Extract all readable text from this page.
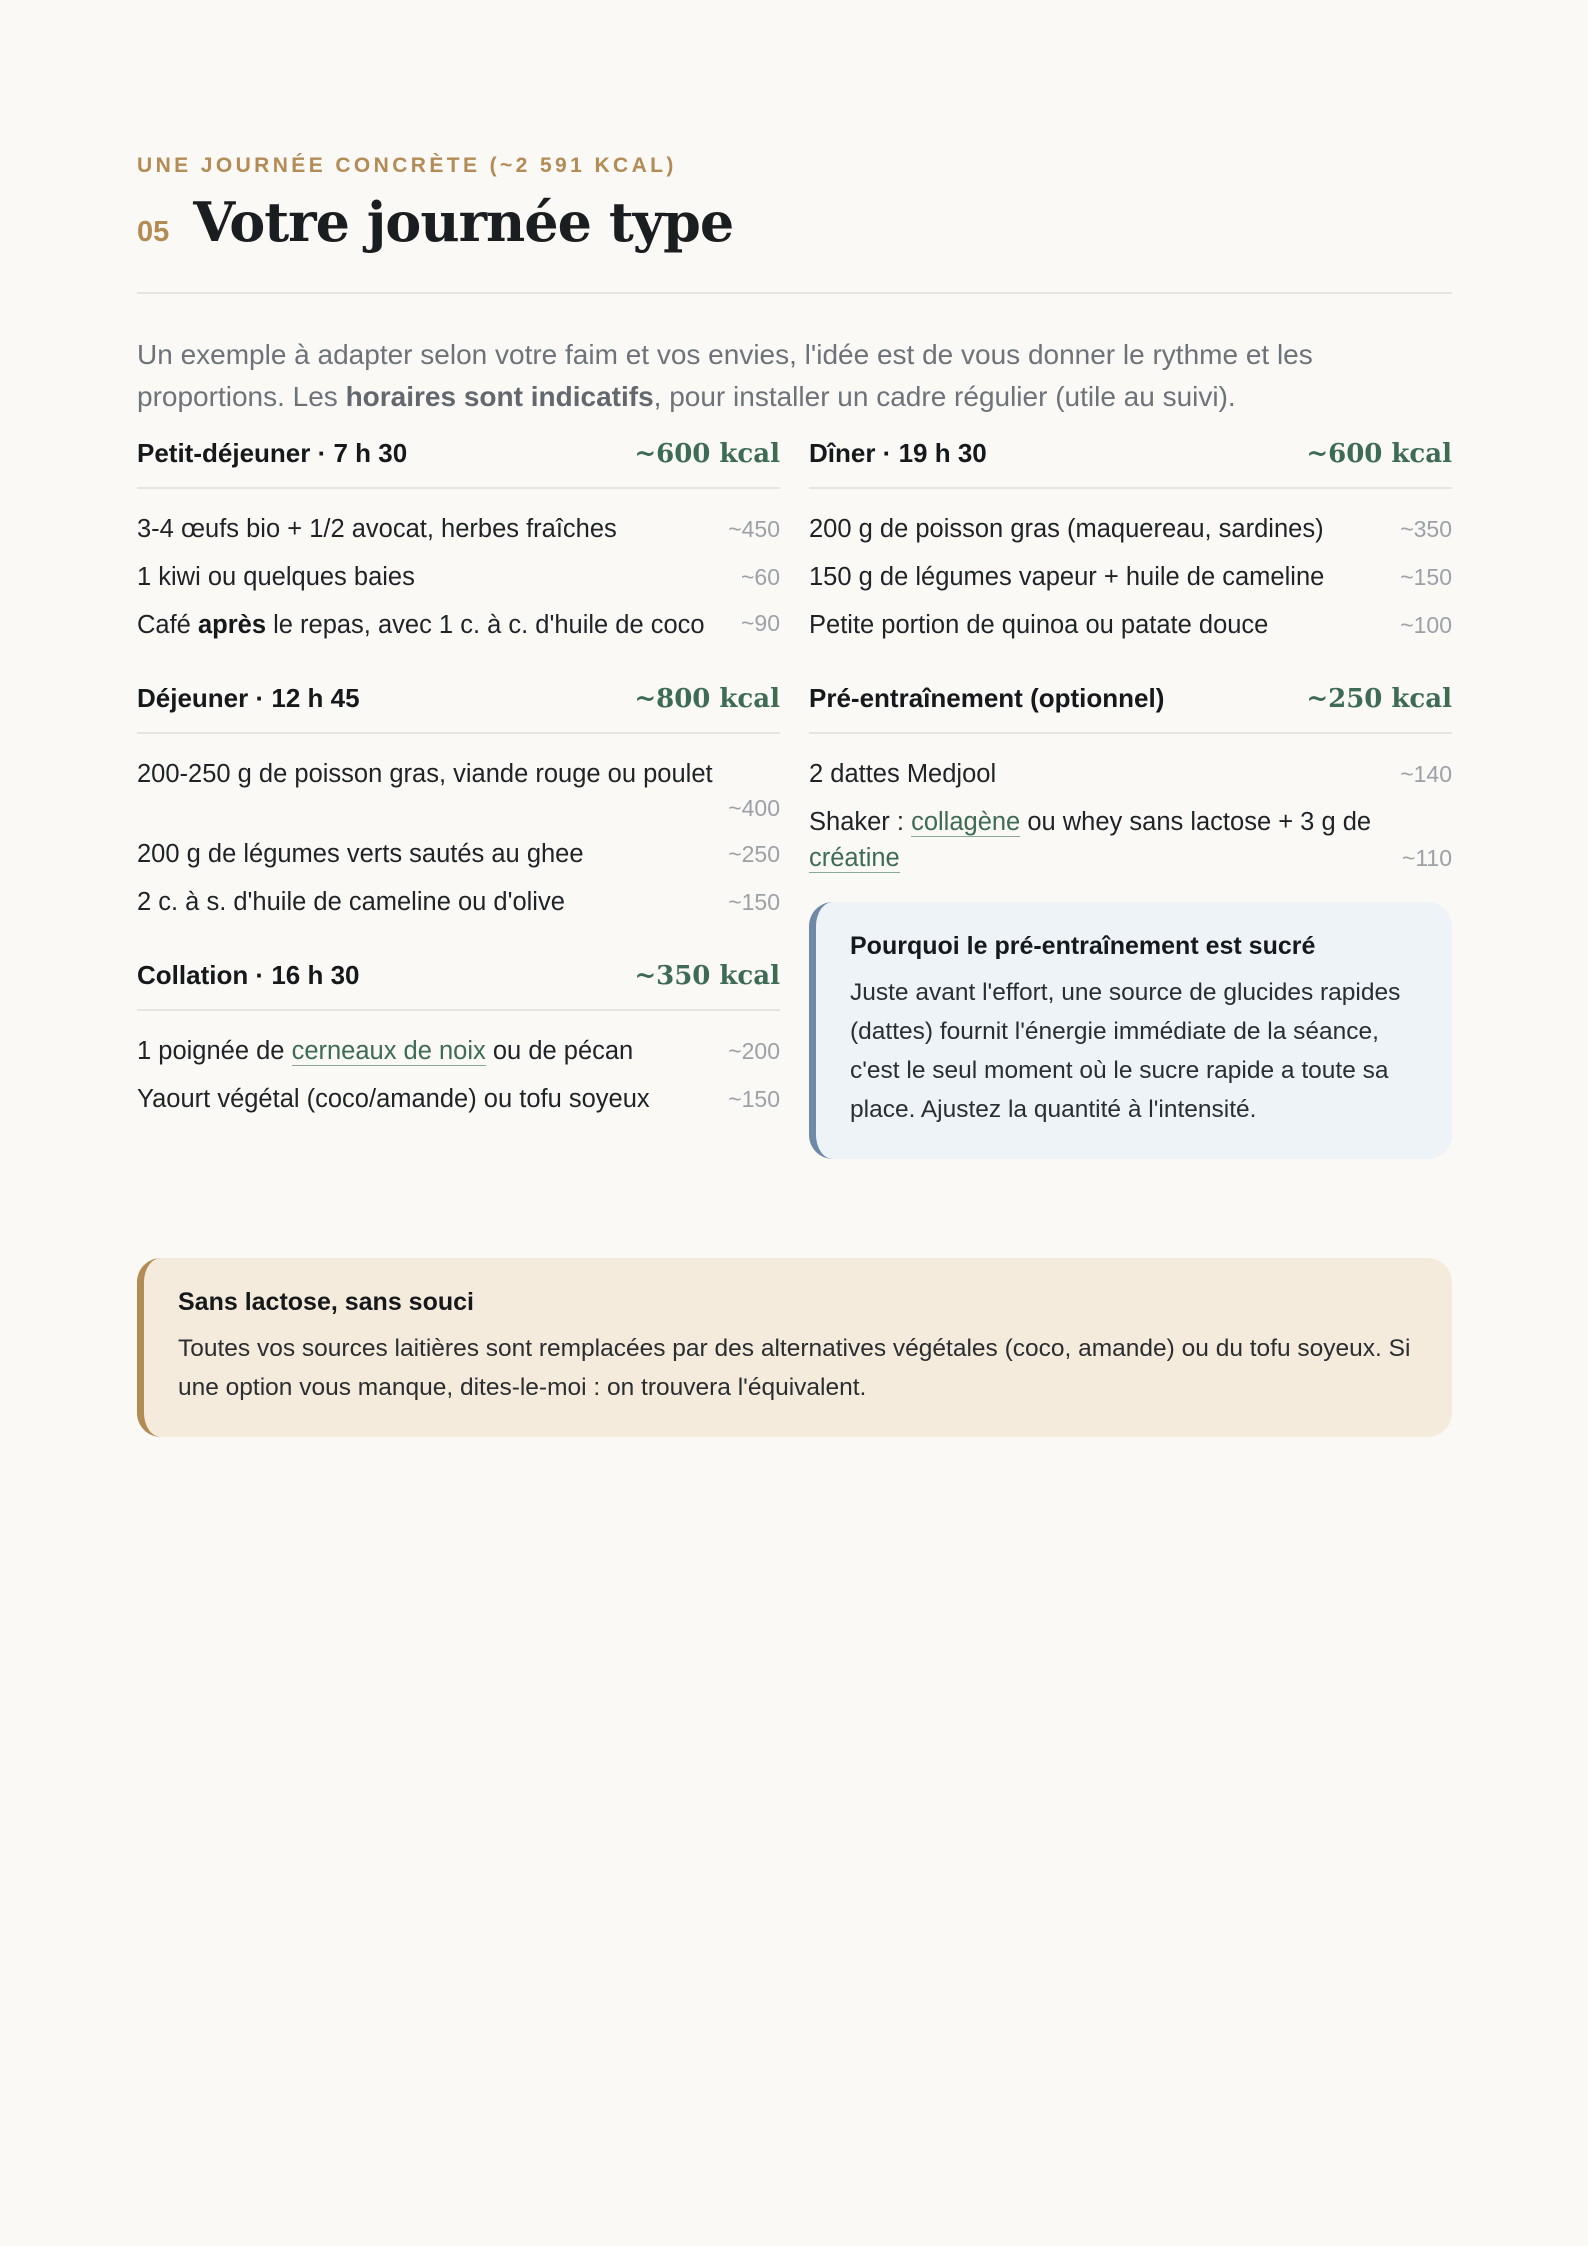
UNE JOURNÉE CONCRÈTE (~2 591 KCAL)
05 Votre journée type

Un exemple à adapter selon votre faim et vos envies, l'idée est de vous donner le rythme et les proportions. Les horaires sont indicatifs, pour installer un cadre régulier (utile au suivi).

Petit-déjeuner · 7 h 30	~600 kcal
3-4 œufs bio + 1/2 avocat, herbes fraîches	~450
1 kiwi ou quelques baies	~60
Café après le repas, avec 1 c. à c. d'huile de coco	~90
Déjeuner · 12 h 45	~800 kcal
200-250 g de poisson gras, viande rouge ou poulet
~400
200 g de légumes verts sautés au ghee	~250
2 c. à s. d'huile de cameline ou d'olive	~150
Collation · 16 h 30	~350 kcal
1 poignée de cerneaux de noix ou de pécan	~200
Yaourt végétal (coco/amande) ou tofu soyeux	~150
Dîner · 19 h 30	~600 kcal
200 g de poisson gras (maquereau, sardines)	~350
150 g de légumes vapeur + huile de cameline	~150
Petite portion de quinoa ou patate douce	~100
Pré-entraînement (optionnel)	~250 kcal
2 dattes Medjool	~140
Shaker : collagène ou whey sans lactose + 3 g de créatine	~110
Pourquoi le pré-entraînement est sucré
Juste avant l'effort, une source de glucides rapides (dattes) fournit l'énergie immédiate de la séance, c'est le seul moment où le sucre rapide a toute sa place. Ajustez la quantité à l'intensité.
Sans lactose, sans souci
Toutes vos sources laitières sont remplacées par des alternatives végétales (coco, amande) ou du tofu soyeux. Si une option vous manque, dites-le-moi : on trouvera l'équivalent.
